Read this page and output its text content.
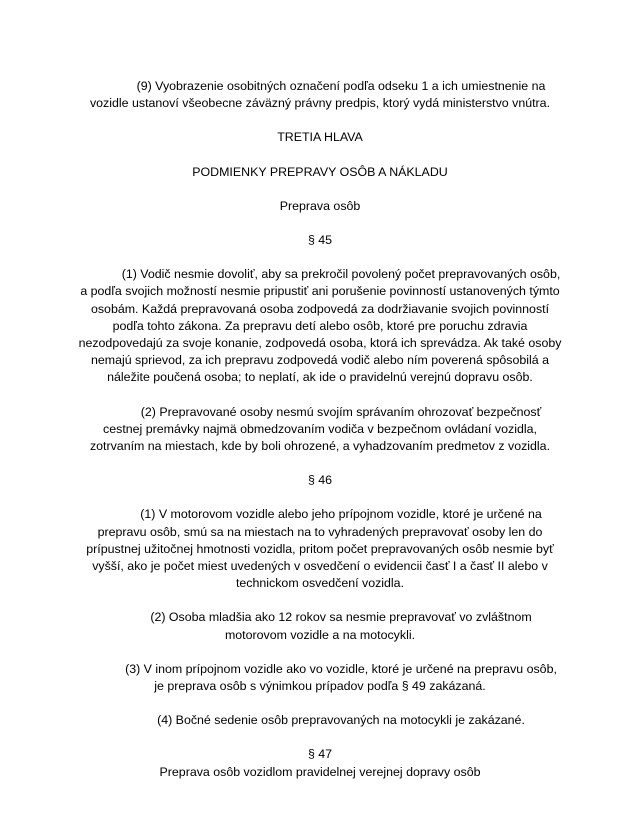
(9) Vyobrazenie osobitných označení podľa odseku 1 a ich umiestnenie na vozidle ustanoví všeobecne záväzný právny predpis, ktorý vydá ministerstvo vnútra.

TRETIA HLAVA

PODMIENKY PREPRAVY OSÔB A NÁKLADU

Preprava osôb

§ 45

(1) Vodič nesmie dovoliť, aby sa prekročil povolený počet prepravovaných osôb, a podľa svojich možností nesmie pripustiť ani porušenie povinností ustanovených týmto osobám. Každá prepravovaná osoba zodpovedá za dodržiavanie svojich povinností podľa tohto zákona. Za prepravu detí alebo osôb, ktoré pre poruchu zdravia nezodpovedajú za svoje konanie, zodpovedá osoba, ktorá ich sprevádza. Ak také osoby nemajú sprievod, za ich prepravu zodpovedá vodič alebo ním poverená spôsobilá a náležite poučená osoba; to neplatí, ak ide o pravidelnú verejnú dopravu osôb.

(2) Prepravované osoby nesmú svojím správaním ohrozovať bezpečnosť cestnej premávky najmä obmedzovaním vodiča v bezpečnom ovládaní vozidla, zotrvaním na miestach, kde by boli ohrozené, a vyhadzovaním predmetov z vozidla.

§ 46

(1) V motorovom vozidle alebo jeho prípojnom vozidle, ktoré je určené na prepravu osôb, smú sa na miestach na to vyhradených prepravovať osoby len do prípustnej užitočnej hmotnosti vozidla, pritom počet prepravovaných osôb nesmie byť vyšší, ako je počet miest uvedených v osvedčení o evidencii časť I a časť II alebo v technickom osvedčení vozidla.

(2) Osoba mladšia ako 12 rokov sa nesmie prepravovať vo zvláštnom motorovom vozidle a na motocykli.

(3) V inom prípojnom vozidle ako vo vozidle, ktoré je určené na prepravu osôb, je preprava osôb s výnimkou prípadov podľa § 49 zakázaná.

(4) Bočné sedenie osôb prepravovaných na motocykli je zakázané.

§ 47

Preprava osôb vozidlom pravidelnej verejnej dopravy osôb
